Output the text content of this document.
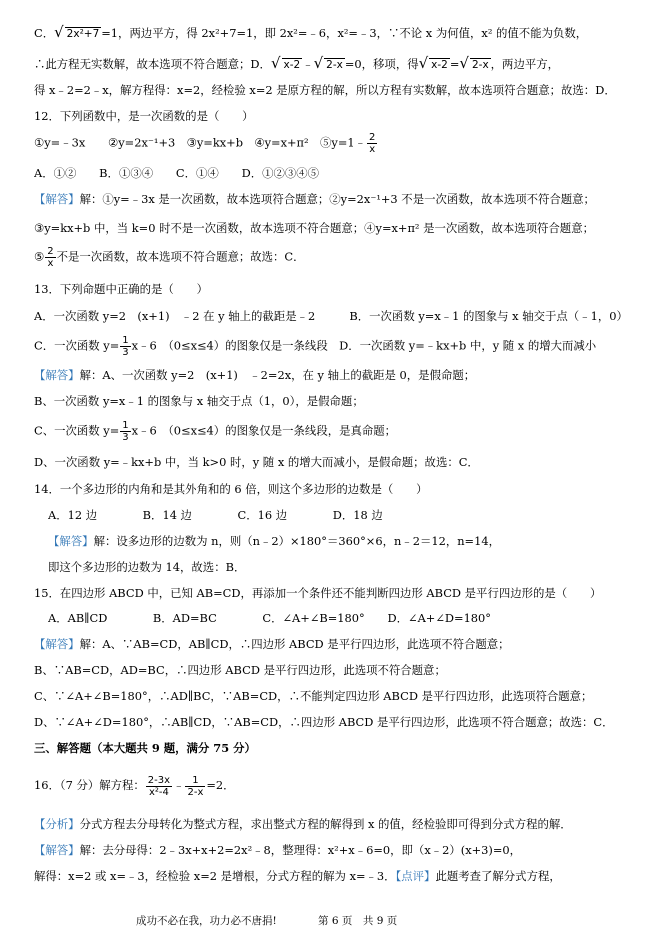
C．√ 2x²+7 =1，两边平方，得 2x²+7=1，即 2x²=﹣6，x²=﹣3，∵不论 x 为何值，x² 的值不能为负数，
∴此方程无实数解，故本选项不符合题意；D．√ x-2 ﹣√ 2-x =0，移项，得√ x-2 =√ 2-x ，两边平方，
得 x﹣2=2﹣x，解方程得：x=2，经检验 x=2 是原方程的解，所以方程有实数解，故本选项符合题意；故选：D．
12．下列函数中，是一次函数的是（　　）
①y=﹣3x　　②y=2x⁻¹+3　③y=kx+b　④y=x+π²　⑤y=1﹣ $\frac{2}{x}$
A．①②　　B．①③④　　C．①④　　D．①②③④⑤
【解答】解：①y=﹣3x 是一次函数，故本选项符合题意；②y=2x⁻¹+3 不是一次函数，故本选项不符合题意；
③y=kx+b 中，当 k=0 时不是一次函数，故本选项不符合题意；④y=x+π² 是一次函数，故本选项符合题意；
⑤ $\frac{2}{x}$ 不是一次函数，故本选项不符合题意；故选：C．
13．下列命题中正确的是（　　）
A．一次函数 y=2　(x+1)　﹣2 在 y 轴上的截距是﹣2　　　B．一次函数 y=x﹣1 的图象与 x 轴交于点（﹣1，0）
C．一次函数 $y= \frac{1}{3}$ x﹣6　（0≤x≤4）的图象仅是一条线段　D．一次函数 y=﹣kx+b 中，y 随 x 的增大而减小
【解答】解：A、一次函数 y=2　(x+1)　﹣2=2x，在 y 轴上的截距是 0，是假命题；
B、一次函数 y=x﹣1 的图象与 x 轴交于点（1，0），是假命题；
C、一次函数 $y= \frac{1}{3}$ x﹣6　（0≤x≤4）的图象仅是一条线段，是真命题；
D、一次函数 y=﹣kx+b 中，当 k>0 时，y 随 x 的增大而减小，是假命题；故选：C．
14．一个多边形的内角和是其外角和的 6 倍，则这个多边形的边数是（　　）
A．12 边　　　　B．14 边　　　　C．16 边　　　　D．18 边
【解答】解：设多边形的边数为 n，则（n﹣2）×180°＝360°×6，n﹣2＝12，n=14，
即这个多边形的边数为 14，故选：B．
15．在四边形 ABCD 中，已知 AB=CD，再添加一个条件还不能判断四边形 ABCD 是平行四边形的是（　　）
A．AB∥CD　　　　B．AD=BC　　　　C．∠A+∠B=180°　　D．∠A+∠D=180°
【解答】解：A、∵AB=CD，AB∥CD，∴四边形 ABCD 是平行四边形，此选项不符合题意；
B、∵AB=CD，AD=BC，∴四边形 ABCD 是平行四边形，此选项不符合题意；
C、∵∠A+∠B=180°，∴AD∥BC，∵AB=CD，∴不能判定四边形 ABCD 是平行四边形，此选项符合题意；
D、∵∠A+∠D=180°，∴AB∥CD，∵AB=CD，∴四边形 ABCD 是平行四边形，此选项不符合题意；故选：C．
三、解答题（本大题共 9 题，满分 75 分）
16．（7 分）解方程： $\frac{2-3x}{\text{x²-4}}$ ﹣ $\frac{1}{2-x} =2$．
【分析】分式方程去分母转化为整式方程，求出整式方程的解得到 x 的值，经检验即可得到分式方程的解．
【解答】解：去分母得：2﹣3x+x+2=2x²﹣8，整理得：x²+x﹣6=0，即（x﹣2）(x+3)=0，
解得：x=2 或 x=﹣3，经检验 x=2 是增根，分式方程的解为 x=﹣3．【点评】此题考查了解分式方程，
成功不必在我，功力必不唐捐!	第 6 页　共 9 页
